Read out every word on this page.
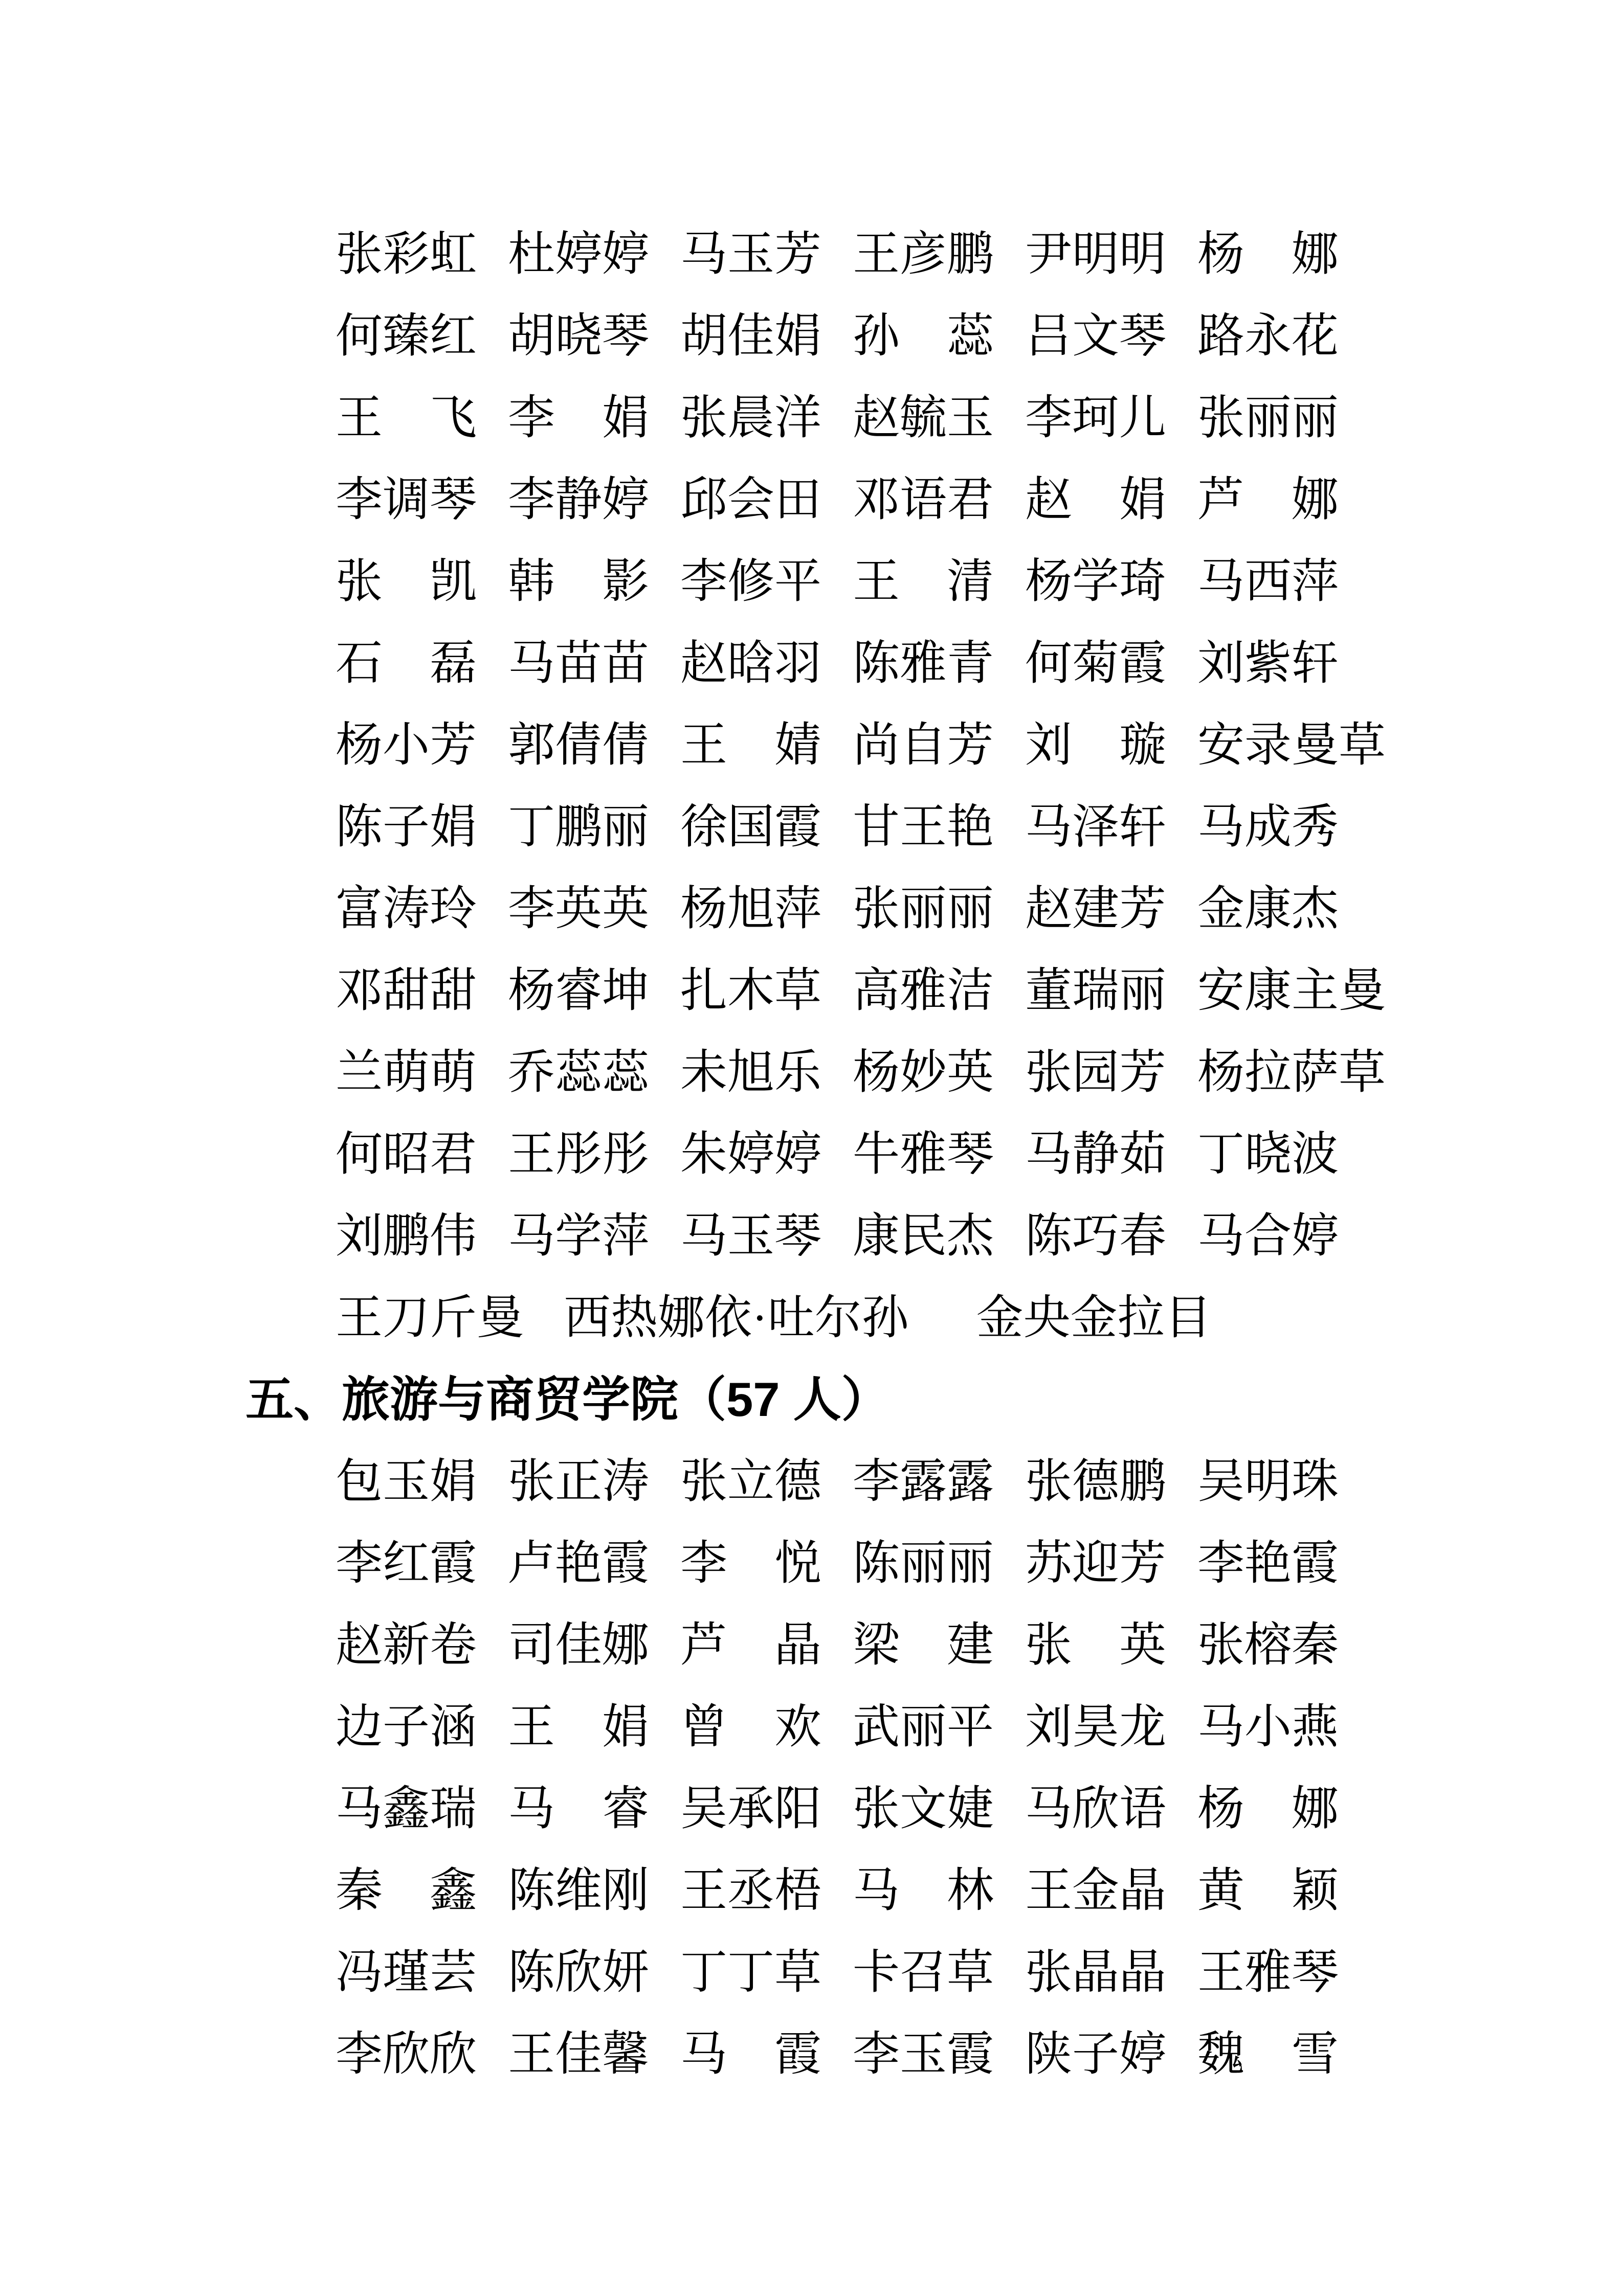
张彩虹 杜婷婷 马玉芳 王彦鹏 尹明明 杨　娜
何臻红 胡晓琴 胡佳娟 孙　蕊 吕文琴 路永花
王　飞 李　娟 张晨洋 赵毓玉 李珂儿 张丽丽
李调琴 李静婷 邱会田 邓语君 赵　娟 芦　娜
张　凯 韩　影 李修平 王　清 杨学琦 马西萍
石　磊 马苗苗 赵晗羽 陈雅青 何菊霞 刘紫轩
杨小芳 郭倩倩 王　婧 尚自芳 刘　璇 安录曼草
陈子娟 丁鹏丽 徐国霞 甘王艳 马泽轩 马成秀
富涛玲 李英英 杨旭萍 张丽丽 赵建芳 金康杰
邓甜甜 杨睿坤 扎木草 高雅洁 董瑞丽 安康主曼
兰萌萌 乔蕊蕊 未旭乐 杨妙英 张园芳 杨拉萨草
何昭君 王彤彤 朱婷婷 牛雅琴 马静茹 丁晓波
刘鹏伟 马学萍 马玉琴 康民杰 陈巧春 马合婷
王刀斤曼 西热娜依·吐尔孙 金央金拉目
五、旅游与商贸学院（57 人）
包玉娟 张正涛 张立德 李露露 张德鹏 吴明珠
李红霞 卢艳霞 李　悦 陈丽丽 苏迎芳 李艳霞
赵新卷 司佳娜 芦　晶 梁　建 张　英 张榕秦
边子涵 王　娟 曾　欢 武丽平 刘昊龙 马小燕
马鑫瑞 马　睿 吴承阳 张文婕 马欣语 杨　娜
秦　鑫 陈维刚 王丞梧 马　林 王金晶 黄　颖
冯瑾芸 陈欣妍 丁丁草 卡召草 张晶晶 王雅琴
李欣欣 王佳馨 马　霞 李玉霞 陕子婷 魏　雪
